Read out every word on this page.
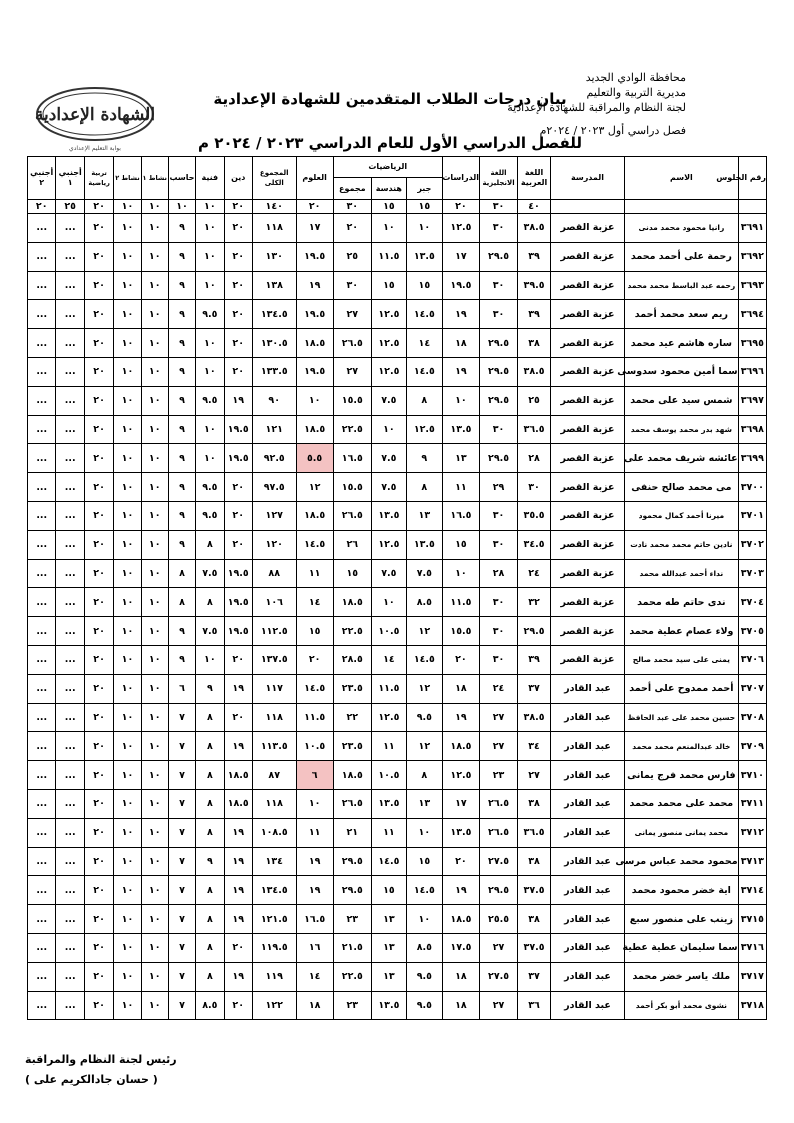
الشهادة الإعدادية
بوابة التعليم الإعدادي
بيان درجات الطلاب المتقدمين للشهادة الإعدادية
للفصل الدراسي الأول للعام الدراسي ٢٠٢٣ / ٢٠٢٤ م
محافظة الوادي الجديد
مديرية التربية والتعليم
لجنة النظام والمراقبة للشهادة الإعدادية
فصل دراسي أول ٢٠٢٣ / ٢٠٢٤م
رقم الجلوس	الاسم	المدرسة	اللغة العربية	اللغة الانجليزية	الدراسات	الرياضيات			العلوم	المجموع الكلى	دين	فنية	حاسب	نشاط ١	نشاط ٢	تربية رياضية	أجنبي ١	أجنبي ٢
						جبر	هندسة	مجموع										
			٤٠	٣٠	٢٠	١٥	١٥	٣٠	٢٠	١٤٠	٢٠	١٠	١٠	١٠	١٠	٢٠	٢٥	٢٠
٣٦٩١	رانيا محمود محمد مدنى	عزبة القصر	٣٨.٥	٣٠	١٢.٥	١٠	١٠	٢٠	١٧	١١٨	٢٠	١٠	٩	١٠	١٠	٢٠	...	...
٣٦٩٢	رحمة على أحمد محمد	عزبة القصر	٣٩	٢٩.٥	١٧	١٣.٥	١١.٥	٢٥	١٩.٥	١٣٠	٢٠	١٠	٩	١٠	١٠	٢٠	...	...
٣٦٩٣	رحمه عبد الباسط محمد محمد	عزبة القصر	٣٩.٥	٣٠	١٩.٥	١٥	١٥	٣٠	١٩	١٣٨	٢٠	١٠	٩	١٠	١٠	٢٠	...	...
٣٦٩٤	ريم سعد محمد أحمد	عزبة القصر	٣٩	٣٠	١٩	١٤.٥	١٢.٥	٢٧	١٩.٥	١٣٤.٥	٢٠	٩.٥	٩	١٠	١٠	٢٠	...	...
٣٦٩٥	ساره هاشم عيد محمد	عزبة القصر	٣٨	٢٩.٥	١٨	١٤	١٢.٥	٢٦.٥	١٨.٥	١٣٠.٥	٢٠	١٠	٩	١٠	١٠	٢٠	...	...
٣٦٩٦	سما أمين محمود سدوسى	عزبة القصر	٣٨.٥	٢٩.٥	١٩	١٤.٥	١٢.٥	٢٧	١٩.٥	١٣٣.٥	٢٠	١٠	٩	١٠	١٠	٢٠	...	...
٣٦٩٧	شمس سيد على محمد	عزبة القصر	٢٥	٢٩.٥	١٠	٨	٧.٥	١٥.٥	١٠	٩٠	١٩	٩.٥	٩	١٠	١٠	٢٠	...	...
٣٦٩٨	شهد بدر محمد يوسف محمد	عزبة القصر	٣٦.٥	٣٠	١٣.٥	١٢.٥	١٠	٢٢.٥	١٨.٥	١٢١	١٩.٥	١٠	٩	١٠	١٠	٢٠	...	...
٣٦٩٩	عائشه شريف محمد على	عزبة القصر	٢٨	٢٩.٥	١٣	٩	٧.٥	١٦.٥	٥.٥	٩٢.٥	١٩.٥	١٠	٩	١٠	١٠	٢٠	...	...
٣٧٠٠	مى محمد صالح حنفى	عزبة القصر	٣٠	٢٩	١١	٨	٧.٥	١٥.٥	١٢	٩٧.٥	٢٠	٩.٥	٩	١٠	١٠	٢٠	...	...
٣٧٠١	ميرنا أحمد كمال محمود	عزبة القصر	٣٥.٥	٣٠	١٦.٥	١٣	١٣.٥	٢٦.٥	١٨.٥	١٢٧	٢٠	٩.٥	٩	١٠	١٠	٢٠	...	...
٣٧٠٢	نادين حاتم محمد محمد نادت	عزبة القصر	٣٤.٥	٣٠	١٥	١٣.٥	١٢.٥	٢٦	١٤.٥	١٢٠	٢٠	٨	٩	١٠	١٠	٢٠	...	...
٣٧٠٣	نداء أحمد عبدالله محمد	عزبة القصر	٢٤	٢٨	١٠	٧.٥	٧.٥	١٥	١١	٨٨	١٩.٥	٧.٥	٨	١٠	١٠	٢٠	...	...
٣٧٠٤	ندى حاتم طه محمد	عزبة القصر	٣٢	٣٠	١١.٥	٨.٥	١٠	١٨.٥	١٤	١٠٦	١٩.٥	٨	٨	١٠	١٠	٢٠	...	...
٣٧٠٥	ولاء عصام عطية محمد	عزبة القصر	٢٩.٥	٣٠	١٥.٥	١٢	١٠.٥	٢٢.٥	١٥	١١٢.٥	١٩.٥	٧.٥	٩	١٠	١٠	٢٠	...	...
٣٧٠٦	يمنى على سيد محمد صالح	عزبة القصر	٣٩	٣٠	٢٠	١٤.٥	١٤	٢٨.٥	٢٠	١٣٧.٥	٢٠	١٠	٩	١٠	١٠	٢٠	...	...
٣٧٠٧	أحمد ممدوح على أحمد	عبد القادر	٣٧	٢٤	١٨	١٢	١١.٥	٢٣.٥	١٤.٥	١١٧	١٩	٩	٦	١٠	١٠	٢٠	...	...
٣٧٠٨	حسين محمد على عبد الحافظ	عبد القادر	٣٨.٥	٢٧	١٩	٩.٥	١٢.٥	٢٢	١١.٥	١١٨	٢٠	٨	٧	١٠	١٠	٢٠	...	...
٣٧٠٩	خالد عبدالمنعم محمد محمد	عبد القادر	٣٤	٢٧	١٨.٥	١٢	١١	٢٣.٥	١٠.٥	١١٣.٥	١٩	٨	٧	١٠	١٠	٢٠	...	...
٣٧١٠	فارس محمد فرج يمانى	عبد القادر	٢٧	٢٣	١٢.٥	٨	١٠.٥	١٨.٥	٦	٨٧	١٨.٥	٨	٧	١٠	١٠	٢٠	...	...
٣٧١١	محمد على محمد محمد	عبد القادر	٣٨	٢٦.٥	١٧	١٣	١٣.٥	٢٦.٥	١٠	١١٨	١٨.٥	٨	٧	١٠	١٠	٢٠	...	...
٣٧١٢	محمد يمانى منصور يمانى	عبد القادر	٣٦.٥	٢٦.٥	١٣.٥	١٠	١١	٢١	١١	١٠٨.٥	١٩	٨	٧	١٠	١٠	٢٠	...	...
٣٧١٣	محمود محمد عباس مرسى	عبد القادر	٣٨	٢٧.٥	٢٠	١٥	١٤.٥	٢٩.٥	١٩	١٣٤	١٩	٩	٧	١٠	١٠	٢٠	...	...
٣٧١٤	اية خضر محمود محمد	عبد القادر	٣٧.٥	٢٩.٥	١٩	١٤.٥	١٥	٢٩.٥	١٩	١٣٤.٥	١٩	٨	٧	١٠	١٠	٢٠	...	...
٣٧١٥	زينب على منصور سبع	عبد القادر	٣٨	٢٥.٥	١٨.٥	١٠	١٣	٢٣	١٦.٥	١٢١.٥	١٩	٨	٧	١٠	١٠	٢٠	...	...
٣٧١٦	سما سليمان عطية عطية	عبد القادر	٣٧.٥	٢٧	١٧.٥	٨.٥	١٣	٢١.٥	١٦	١١٩.٥	٢٠	٨	٧	١٠	١٠	٢٠	...	...
٣٧١٧	ملك ياسر خضر محمد	عبد القادر	٣٧	٢٧.٥	١٨	٩.٥	١٣	٢٢.٥	١٤	١١٩	١٩	٨	٧	١٠	١٠	٢٠	...	...
٣٧١٨	نشوى محمد أبو بكر أحمد	عبد القادر	٣٦	٢٧	١٨	٩.٥	١٣.٥	٢٣	١٨	١٢٢	٢٠	٨.٥	٧	١٠	١٠	٢٠	...	...
رئيس لجنة النظام والمراقبة
( حسان جادالكريم على )
